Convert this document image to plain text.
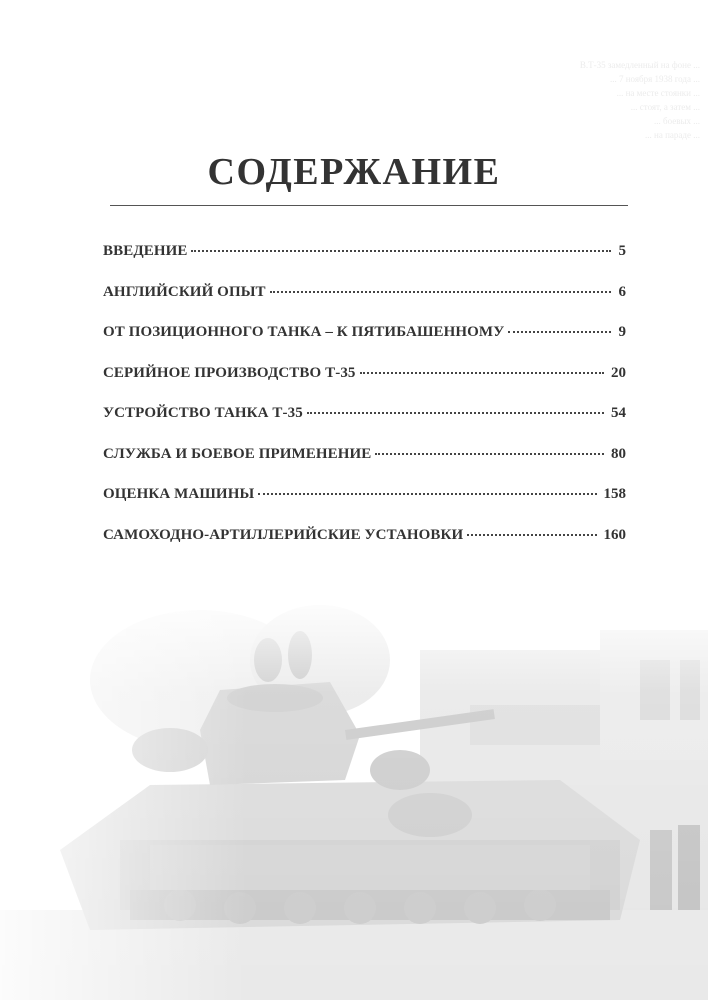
В.Т-35 замедленный на фоне ...
... 7 ноября 1938 года ...
... на месте стоянки ...
... стоят, а затем ...
... боевых ...
... на параде ...
СОДЕРЖАНИЕ
ВВЕДЕНИЕ	5
АНГЛИЙСКИЙ ОПЫТ	6
ОТ ПОЗИЦИОННОГО ТАНКА – К ПЯТИБАШЕННОМУ	9
СЕРИЙНОЕ ПРОИЗВОДСТВО Т-35	20
УСТРОЙСТВО ТАНКА Т-35	54
СЛУЖБА И БОЕВОЕ ПРИМЕНЕНИЕ	80
ОЦЕНКА МАШИНЫ	158
САМОХОДНО-АРТИЛЛЕРИЙСКИЕ УСТАНОВКИ	160
